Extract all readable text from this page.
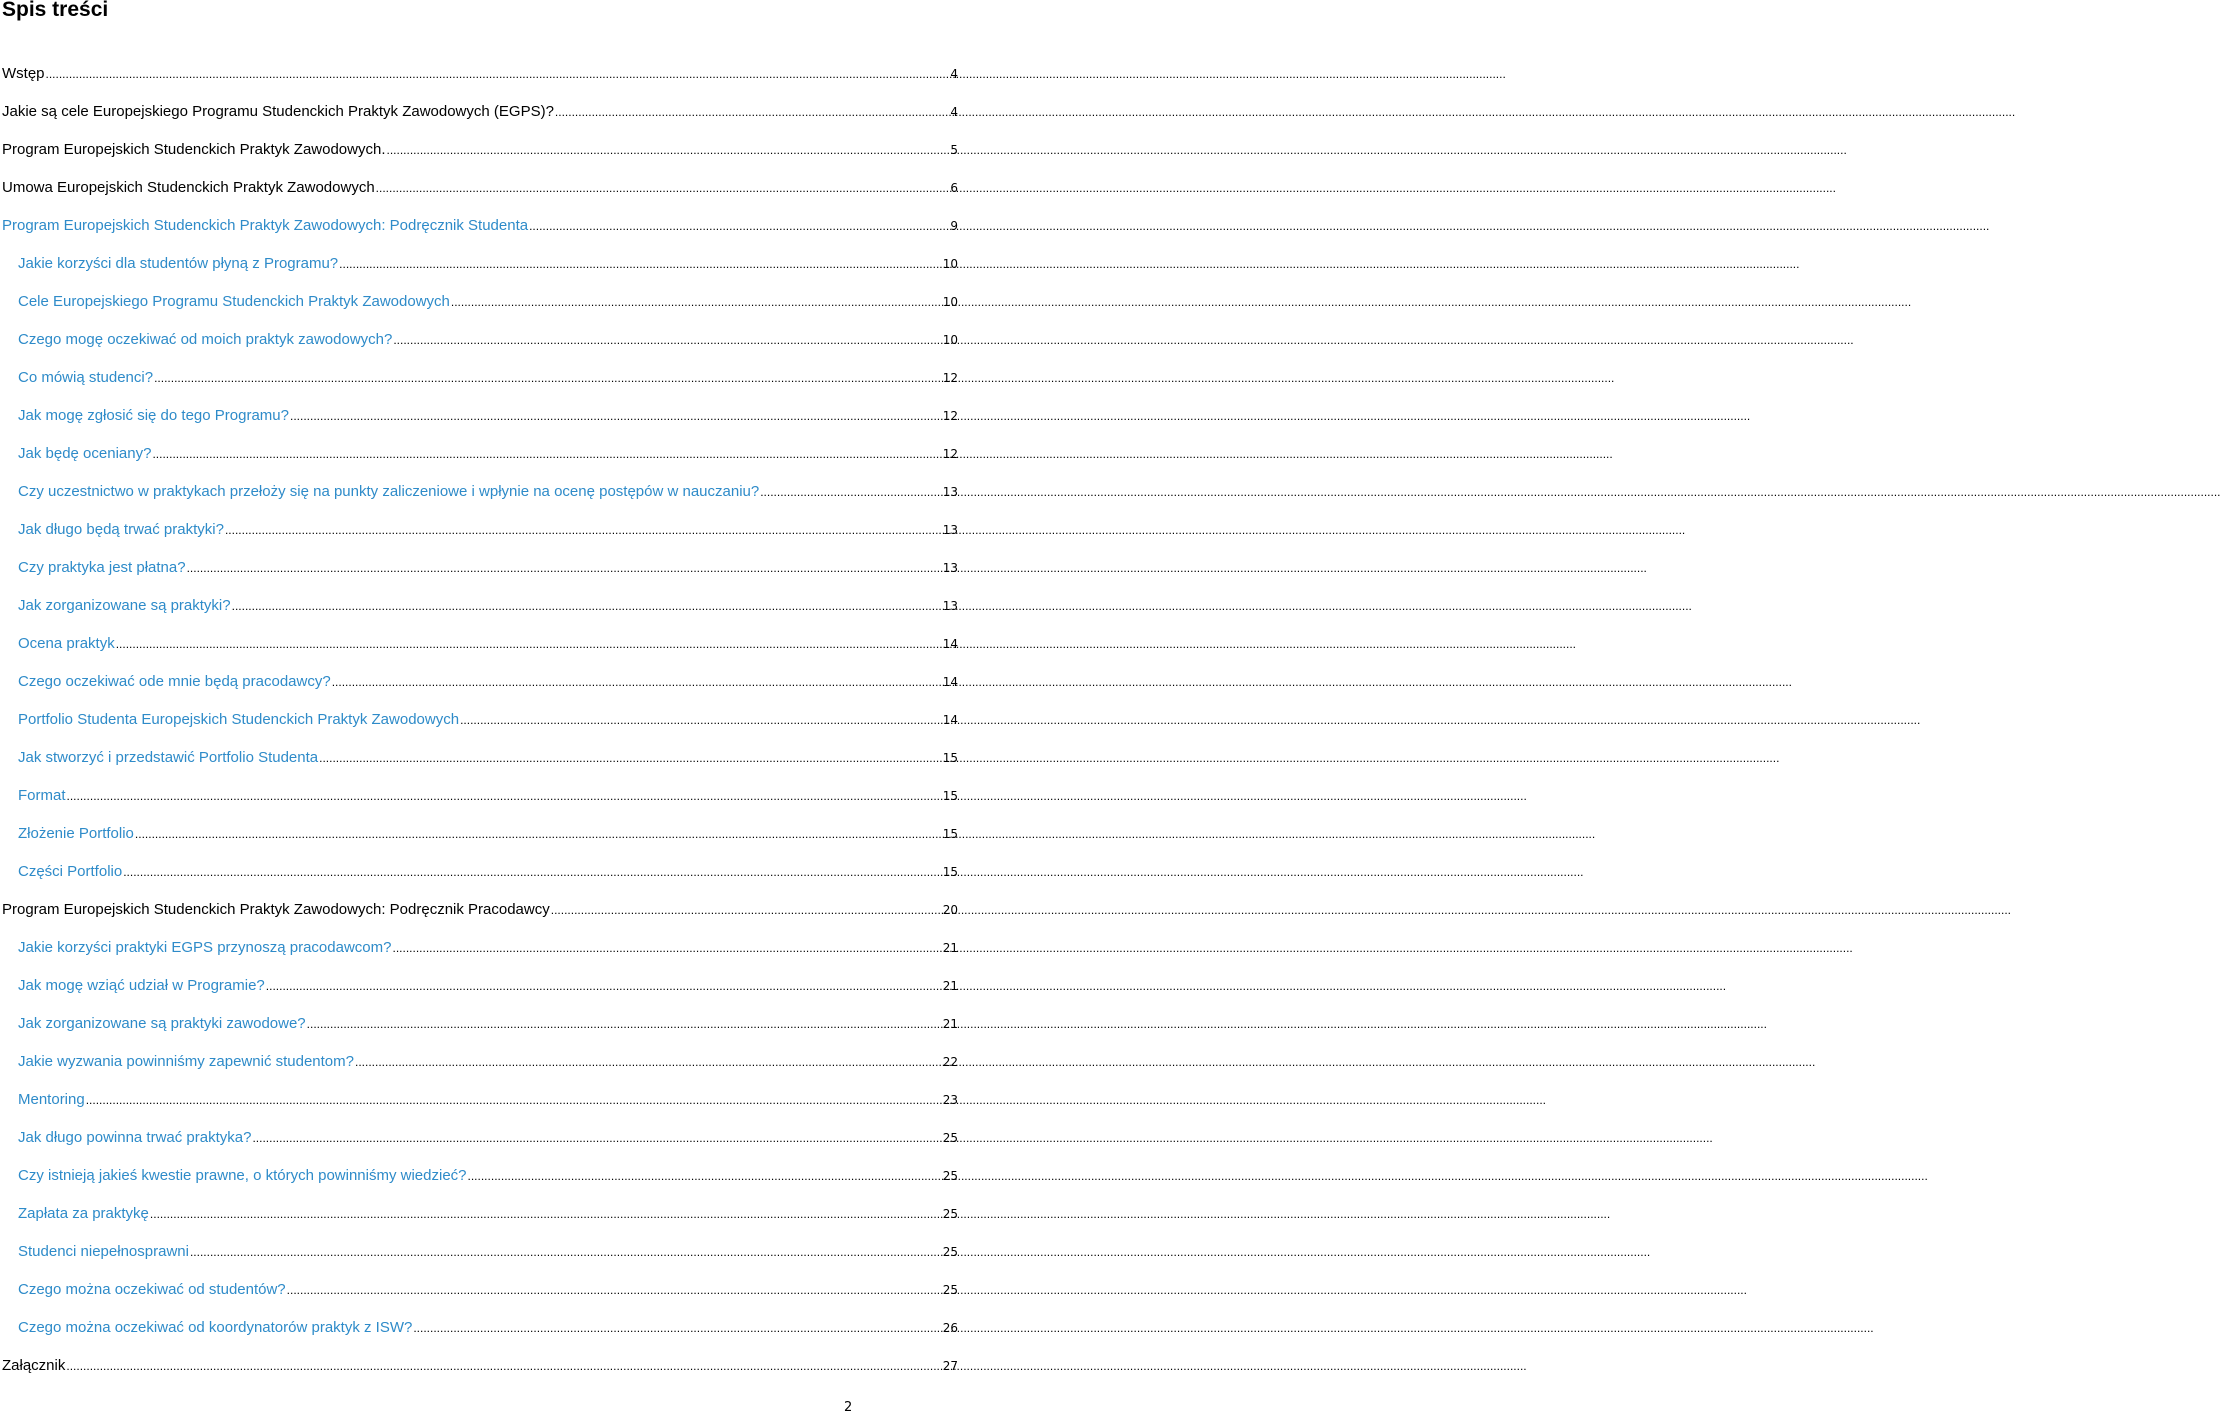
Spis treści
Wstęp .....	4
Jakie są cele Europejskiego Programu Studenckich Praktyk Zawodowych (EGPS)? .....	4
Program Europejskich Studenckich Praktyk Zawodowych. .....	5
Umowa Europejskich Studenckich Praktyk Zawodowych .....	6
Program Europejskich Studenckich Praktyk Zawodowych: Podręcznik Studenta .....	9
Jakie korzyści dla studentów płyną z Programu? .....	10
Cele Europejskiego Programu Studenckich Praktyk Zawodowych .....	10
Czego mogę oczekiwać od moich praktyk zawodowych? .....	10
Co mówią studenci? .....	12
Jak mogę zgłosić się do tego Programu? .....	12
Jak będę oceniany? .....	12
Czy uczestnictwo w praktykach przełoży się na punkty zaliczeniowe i wpłynie na ocenę postępów w nauczaniu? .....	13
Jak długo będą trwać praktyki? .....	13
Czy praktyka jest płatna? .....	13
Jak zorganizowane są praktyki? .....	13
Ocena praktyk .....	14
Czego oczekiwać ode mnie będą pracodawcy? .....	14
Portfolio Studenta Europejskich Studenckich Praktyk Zawodowych .....	14
Jak stworzyć i przedstawić Portfolio Studenta .....	15
Format .....	15
Złożenie Portfolio .....	15
Części Portfolio .....	15
Program Europejskich Studenckich Praktyk Zawodowych: Podręcznik Pracodawcy .....	20
Jakie korzyści praktyki EGPS przynoszą pracodawcom? .....	21
Jak mogę wziąć udział w Programie? .....	21
Jak zorganizowane są praktyki zawodowe? .....	21
Jakie wyzwania powinniśmy zapewnić studentom? .....	22
Mentoring .....	23
Jak długo powinna trwać praktyka? .....	25
Czy istnieją jakieś kwestie prawne, o których powinniśmy wiedzieć? .....	25
Zapłata za praktykę .....	25
Studenci niepełnosprawni .....	25
Czego można oczekiwać od studentów? .....	25
Czego można oczekiwać od koordynatorów praktyk z ISW? .....	26
Załącznik .....	27
2
